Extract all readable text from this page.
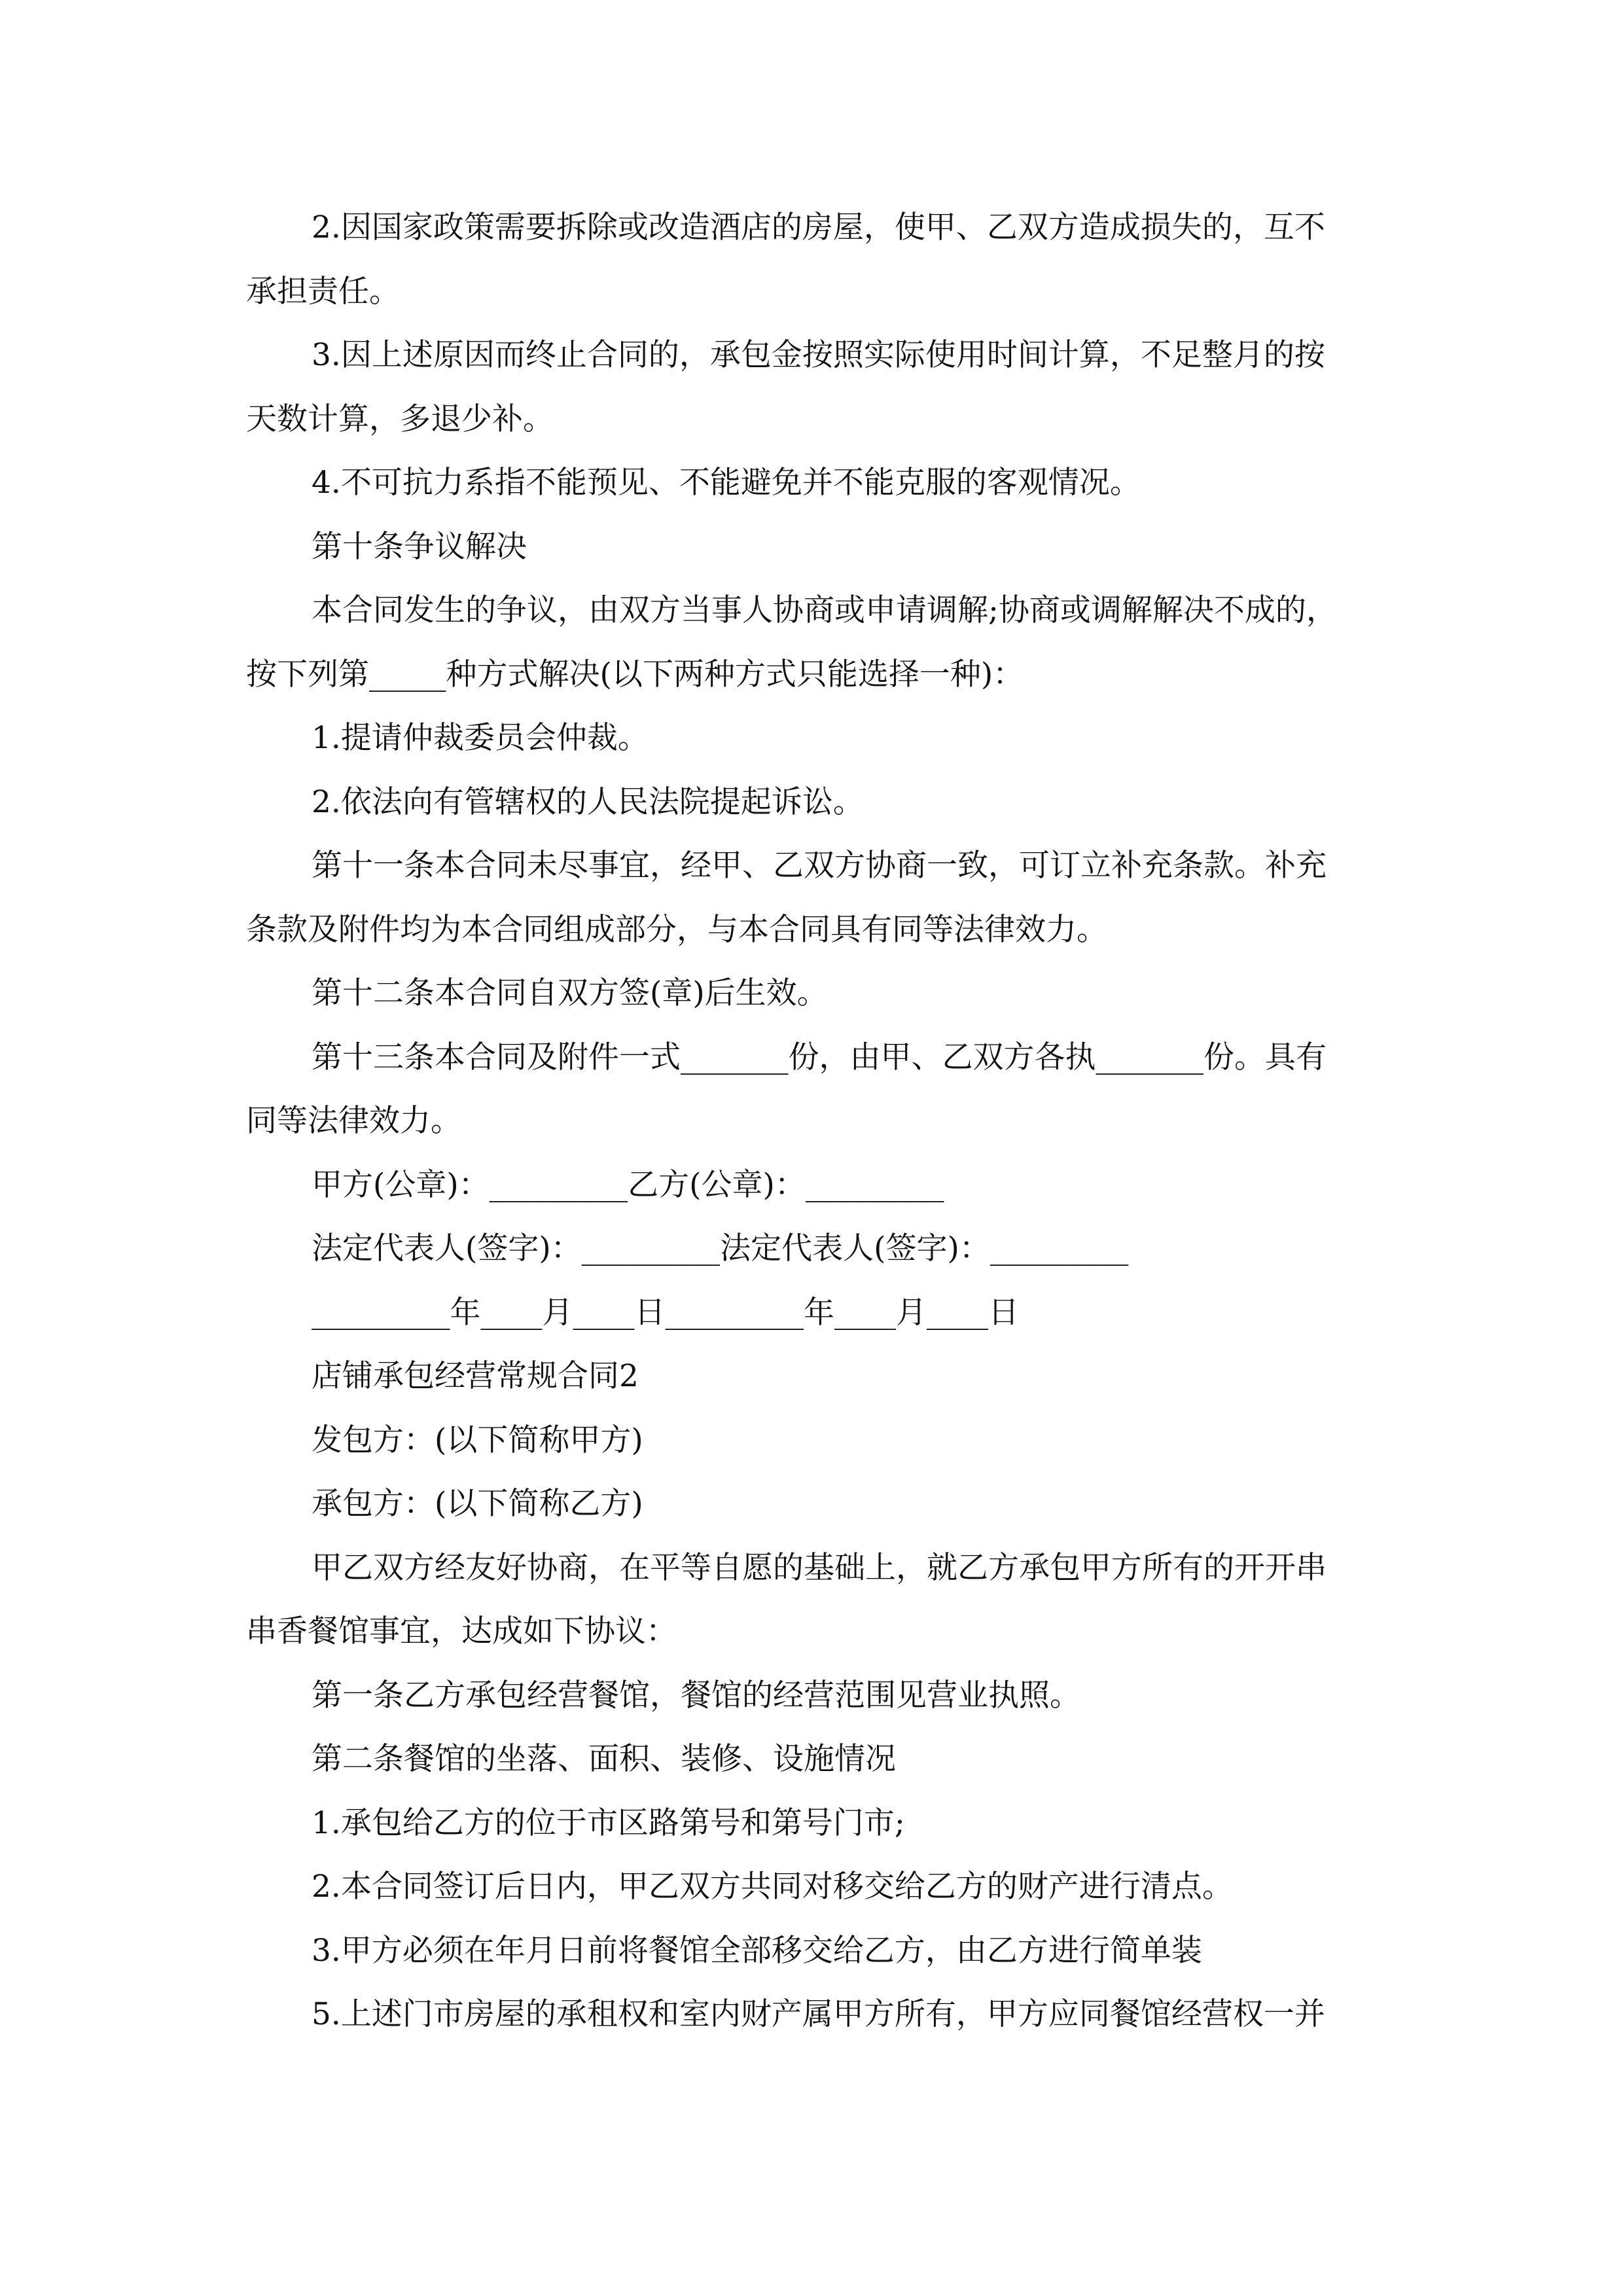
2.因国家政策需要拆除或改造酒店的房屋，使甲、乙双方造成损失的，互不
承担责任。
3.因上述原因而终止合同的，承包金按照实际使用时间计算，不足整月的按
天数计算，多退少补。
4.不可抗力系指不能预见、不能避免并不能克服的客观情况。
第十条争议解决
本合同发生的争议，由双方当事人协商或申请调解;协商或调解解决不成的，
按下列第_____种方式解决(以下两种方式只能选择一种)：
1.提请仲裁委员会仲裁。
2.依法向有管辖权的人民法院提起诉讼。
第十一条本合同未尽事宜，经甲、乙双方协商一致，可订立补充条款。补充
条款及附件均为本合同组成部分，与本合同具有同等法律效力。
第十二条本合同自双方签(章)后生效。
第十三条本合同及附件一式_______份，由甲、乙双方各执_______份。具有
同等法律效力。
甲方(公章)：_________乙方(公章)：_________
法定代表人(签字)：_________法定代表人(签字)：_________
_________年____月____日_________年____月____日
店铺承包经营常规合同2
发包方：(以下简称甲方)
承包方：(以下简称乙方)
甲乙双方经友好协商，在平等自愿的基础上，就乙方承包甲方所有的开开串
串香餐馆事宜，达成如下协议：
第一条乙方承包经营餐馆，餐馆的经营范围见营业执照。
第二条餐馆的坐落、面积、装修、设施情况
1.承包给乙方的位于市区路第号和第号门市;
2.本合同签订后日内，甲乙双方共同对移交给乙方的财产进行清点。
3.甲方必须在年月日前将餐馆全部移交给乙方，由乙方进行简单装
5.上述门市房屋的承租权和室内财产属甲方所有，甲方应同餐馆经营权一并
